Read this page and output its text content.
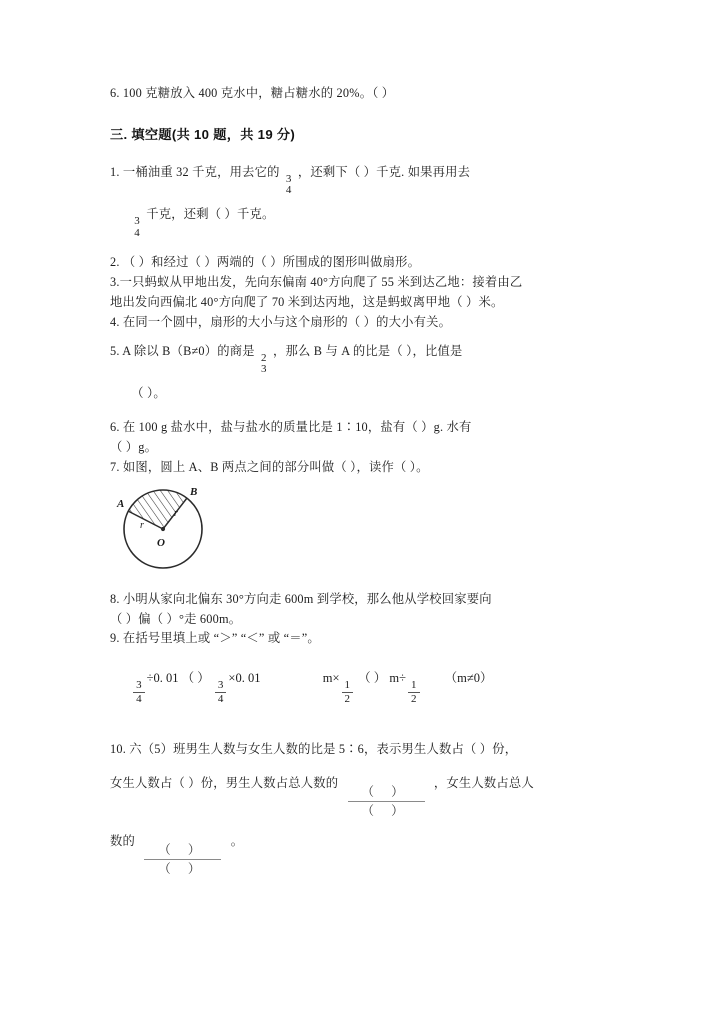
6. 100 克糖放入 400 克水中，糖占糖水的 20%。（ ）

三. 填空题(共 10 题，共 19 分)

1. 一桶油重 32 千克，用去它的
3
4
，还剩下（ ）千克. 如果再用去

3
4
千克，还剩（ ）千克。

2. （ ）和经过（ ）两端的（ ）所围成的图形叫做扇形。

3.一只蚂蚁从甲地出发，先向东偏南 40°方向爬了 55 米到达乙地：接着由乙
地出发向西偏北 40°方向爬了 70 米到达丙地，这是蚂蚁离甲地（ ）米。

4. 在同一个圆中，扇形的大小与这个扇形的（ ）的大小有关。

5. A 除以 B（B≠0）的商是
2
3
，那么 B 与 A 的比是（ ），比值是
（ ）。

6. 在 100 g 盐水中，盐与盐水的质量比是 1∶10，盐有（ ）g. 水有
（ ）g。

7. 如图，圆上 A、B 两点之间的部分叫做（ ），读作（ ）。

A
B
O
r
r

8. 小明从家向北偏东 30°方向走 600m 到学校，那么他从学校回家要向
（ ）偏（ ）°走 600m。

9. 在括号里填上或 “＞” “＜” 或 “＝”。

$\frac{3}{4}$
÷0. 01 （ ）
$\frac{3}{4}$
×0. 01	m×
$\frac{1}{2}$
（ ） m÷
$\frac{1}{2}$
（m≠0）
10. 六（5）班男生人数与女生人数的比是 5∶6，表示男生人数占（ ）份，
女生人数占（ ）份，男生人数占总人数的
$\frac{( )}{( )}$
，女生人数占总人
数的
$\frac{( )}{( )}$
。
